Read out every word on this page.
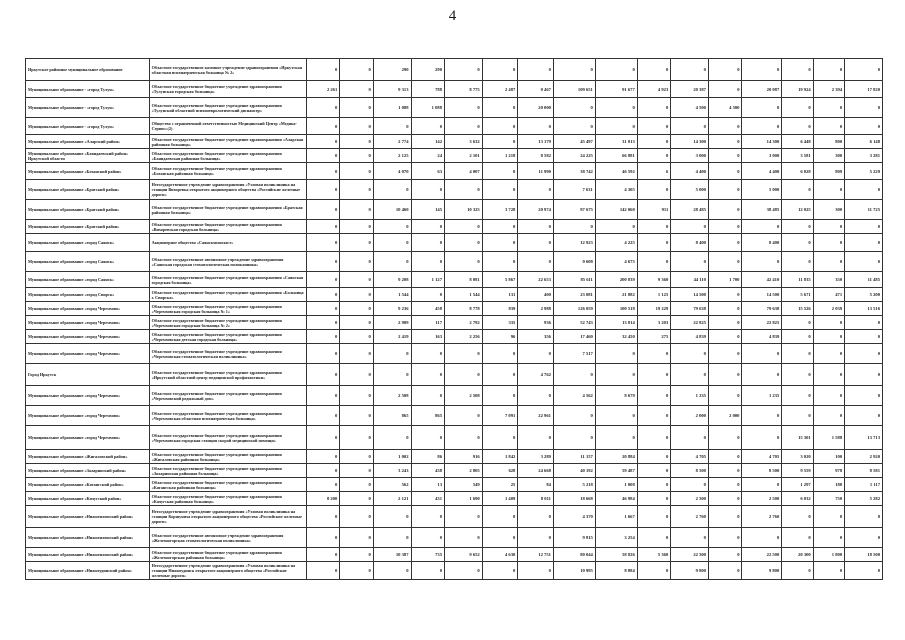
4
Иркутское районное муниципальное образование	Областное государственное казенное учреждение здравоохранения «Иркутская областная психиатрическая больница № 2»	0	0	290	290	0	0	0	0	0	0	0	0	0	0	0	0
Муниципальное образование - «город Тулун»	Областное государственное бюджетное учреждение здравоохранения «Тулунская городская больница»	2 261	0	9 313	788	8 775	2 487	0 467	109 651	91 677	4 923	20 387	0	20 087	19 924	2 394	17 820
Муниципальное образование - «город Тулун»	Областное государственное бюджетное учреждение здравоохранения «Тулунский областной психоневрологический диспансер»	0	0	1 088	1 088	0	0	20 000	0	0	0	4 500	4 500	0	0	0	0
Муниципальное образование - «город Тулун»	Общество с ограниченной ответственностью Медицинский Центр «Медика-Сервис»(2)	0	0	0	0	0	0	0	0	0	0	0	0	0	0	0	0
Муниципальное образование «Аларский район»	Областное государственное бюджетное учреждение здравоохранения «Аларская районная больница»	0	0	2 774	142	3 632	0	13 179	45 497	31 013	0	14 300	0	14 300	6 448	800	6 148
Муниципальное образование «Баяндаевский район» Иркутской области	Областное государственное бюджетное учреждение здравоохранения «Баяндаевская районная больница»	0	0	2 125	24	2 101	1 218	8 582	24 225	66 881	0	3 000	0	3 000	3 581	300	3 281
Муниципальное образование «Боханский район»	Областное государственное бюджетное учреждение здравоохранения «Боханская районная больница»	0	0	4 070	63	4 007	0	11 990	38 742	46 592	6	4 400	0	4 400	6 028	809	5 229
Муниципальное образование «Братский район»	Негосударственное учреждение здравоохранения «Узловая поликлиника на станции Вихоревка открытого акционерного общества «Российские железные дороги»	0	0	0	0	0	0	0	7 631	4 305	0	5 000	0	5 000	0	0	0
Муниципальное образование «Братский район»	Областное государственное бюджетное учреждение здравоохранения «Братская районная больница»	0	0	10 460	145	10 325	3 728	20 974	97 675	142 060	911	28 485	0	38 485	12 025	300	11 725
Муниципальное образование «Братский район»	Областное государственное бюджетное учреждение здравоохранения «Вихоревская городская больница»	0	0	0	0	0	0	0	0	0	0	0	0	0	0	0	0
Муниципальное образование «город Саянск»	Акционерное общество «Саянскхимпласт»	0	0	0	0	0	0	0	12 923	4 225	0	8 400	0	8 400	0	0	0
Муниципальное образование «город Саянск»	Областное государственное автономное учреждение здравоохранения «Саянская городская стоматологическая поликлиника»	0	0	0	0	0	0	0	0 608	4 675	0	0	0	0	0	0	0
Муниципальное образование «город Саянск»	Областное государственное бюджетное учреждение здравоохранения «Саянская городская больница»	0	0	9 208	1 127	8 081	5 867	22 653	85 611	200 839	9 360	44 110	1 700	42 410	11 835	350	11 485
Муниципальное образование «город Свирск»	Областное государственное бюджетное учреждение здравоохранения «Больница г. Свирска»	0	0	1 544	0	1 544	131	400	23 081	21 882	1 125	14 500	0	14 500	5 671	471	5 200
Муниципальное образование «город Черемхово»	Областное государственное бюджетное учреждение здравоохранения «Черемховская городская больница № 1»	0	0	9 236	458	8 778	839	2 988	126 059	100 518	19 229	79 638	0	79 638	15 526	2 039	13 516
Муниципальное образование «город Черемхово»	Областное государственное бюджетное учреждение здравоохранения «Черемховская городская больница № 2»	0	0	2 909	117	2 792	335	936	52 743	13 814	3 203	22 825	0	22 825	0	0	0
Муниципальное образование «город Черемхово»	Областное государственное бюджетное учреждение здравоохранения «Черемховская детская городская больница»	0	0	2 419	163	2 256	96	356	17 460	32 450	275	4 839	0	4 839	0	0	0
Муниципальное образование «город Черемхово»	Областное государственное бюджетное учреждение здравоохранения «Черемховская стоматологическая поликлиника»	0	0	0	0	0	0	0	7 517	0	0	0	0	0	0	0	0
Город Иркутск	Областное государственное бюджетное учреждение здравоохранения «Иркутский областной центр медицинской профилактики»	0	0	0	0	0	0	4 762	0	0	0	0	0	0	0	0	0
Муниципальное образование «город Черемхово»	Областное государственное бюджетное учреждение здравоохранения «Черемховский родильный дом»	0	0	2 508	0	2 508	0	0	4 562	8 679	0	1 235	0	1 235	0	0	0
Муниципальное образование «город Черемхово»	Областное государственное бюджетное учреждение здравоохранения «Черемховская областная психиатрическая больница»	0	0	865	865	0	7 091	22 961	0	0	0	2 000	2 000	0	0	0	0
Муниципальное образование «город Черемхово»	Областное государственное бюджетное учреждение здравоохранения «Черемховская городская станция скорой медицинской помощи»	0	0	0	0	0	0	0	0	0	0	0	0	0	15 301	1 588	13 713
Муниципальное образование «Жигаловский район»	Областное государственное бюджетное учреждение здравоохранения «Жигаловская районная больница»	0	0	1 002	86	916	1 842	3 289	11 157	20 884	0	4 705	0	4 705	3 020	100	2 920
Муниципальное образование «Заларинский район»	Областное государственное бюджетное учреждение здравоохранения «Заларинская районная больница»	0	0	3 243	438	2 805	628	24 668	40 192	59 487	0	8 500	0	8 500	9 559	978	8 581
Муниципальное образование «Катангский район»	Областное государственное бюджетное учреждение здравоохранения «Катангская районная больница»	0	0	562	13	549	25	84	5 218	1 008	0	0	0	0	1 297	180	1 117
Муниципальное образование «Качугский район»	Областное государственное бюджетное учреждение здравоохранения «Качугская районная больница»	8 200	0	2 121	431	1 690	1 409	8 011	18 668	46 984	0	2 500	0	2 500	6 032	750	5 282
Муниципальное образование «Нижнеилимский район»	Негосударственное учреждение здравоохранения «Узловая поликлиника на станции Коршуниха открытого акционерного общества «Российские железные дороги»	0	0	0	0	0	0	0	4 370	1 667	0	2 760	0	2 760	0	0	0
Муниципальное образование «Нижнеилимский район»	Областное государственное автономное учреждение здравоохранения «Железногорская стоматологическая поликлиника»	0	0	0	0	0	0	0	9 815	3 254	0	0	0	0	0	0	0
Муниципальное образование «Нижнеилимский район»	Областное государственное бюджетное учреждение здравоохранения «Железногорская районная больница»	0	0	10 387	735	9 652	4 630	12 751	80 044	58 826	5 360	22 500	0	22 500	20 300	1 800	18 500
Муниципальное образование «Нижнеудинский район»	Негосударственное учреждение здравоохранения «Узловая поликлиника на станции Нижнеудинск открытого акционерного общества «Российские железные дороги»	0	0	0	0	0	0	0	10 995	8 884	0	9 800	0	9 800	0	0	0
